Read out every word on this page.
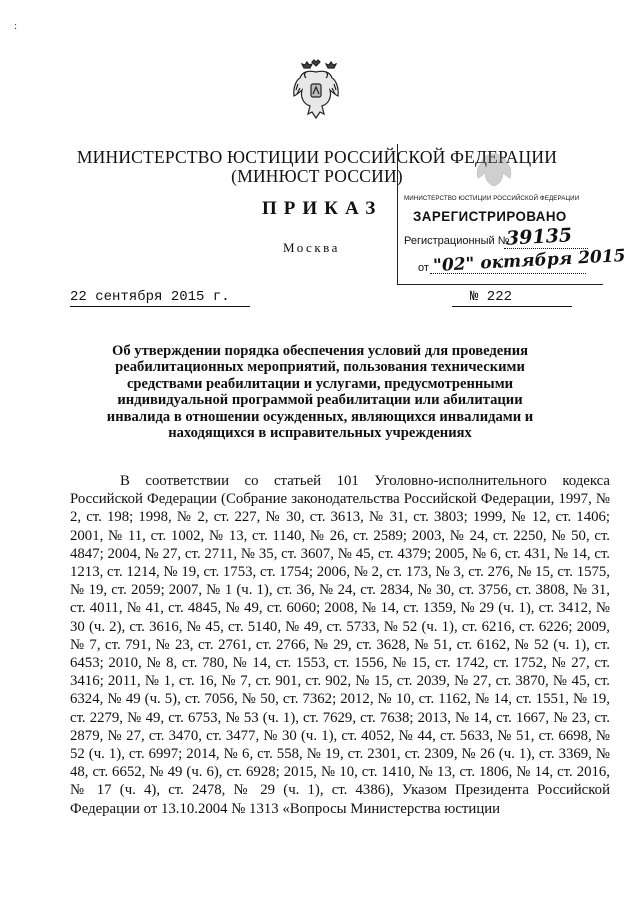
:
МИНИСТЕРСТВО ЮСТИЦИИ РОССИЙСКОЙ ФЕДЕРАЦИИ
(МИНЮСТ РОССИИ)
ПРИКАЗ
Москва
22 сентября 2015 г.	№ 222
МИНИСТЕРСТВО ЮСТИЦИИ РОССИЙСКОЙ ФЕДЕРАЦИИ
ЗАРЕГИСТРИРОВАНО
Регистрационный №
39135
от "02" октября 2015
Об утверждении порядка обеспечения условий для проведения реабилитационных мероприятий, пользования техническими средствами реабилитации и услугами, предусмотренными индивидуальной программой реабилитации или абилитации инвалида в отношении осужденных, являющихся инвалидами и находящихся в исправительных учреждениях

В соответствии со статьей 101 Уголовно-исполнительного кодекса Российской Федерации (Собрание законодательства Российской Федерации, 1997, № 2, ст. 198; 1998, № 2, ст. 227, № 30, ст. 3613, № 31, ст. 3803; 1999, № 12, ст. 1406; 2001, № 11, ст. 1002, № 13, ст. 1140, № 26, ст. 2589; 2003, № 24, ст. 2250, № 50, ст. 4847; 2004, № 27, ст. 2711, № 35, ст. 3607, № 45, ст. 4379; 2005, № 6, ст. 431, № 14, ст. 1213, ст. 1214, № 19, ст. 1753, ст. 1754; 2006, № 2, ст. 173, № 3, ст. 276, № 15, ст. 1575, № 19, ст. 2059; 2007, № 1 (ч. 1), ст. 36, № 24, ст. 2834, № 30, ст. 3756, ст. 3808, № 31, ст. 4011, № 41, ст. 4845, № 49, ст. 6060; 2008, № 14, ст. 1359, № 29 (ч. 1), ст. 3412, № 30 (ч. 2), ст. 3616, № 45, ст. 5140, № 49, ст. 5733, № 52 (ч. 1), ст. 6216, ст. 6226; 2009, № 7, ст. 791, № 23, ст. 2761, ст. 2766, № 29, ст. 3628, № 51, ст. 6162, № 52 (ч. 1), ст. 6453; 2010, № 8, ст. 780, № 14, ст. 1553, ст. 1556, № 15, ст. 1742, ст. 1752, № 27, ст. 3416; 2011, № 1, ст. 16, № 7, ст. 901, ст. 902, № 15, ст. 2039, № 27, ст. 3870, № 45, ст. 6324, № 49 (ч. 5), ст. 7056, № 50, ст. 7362; 2012, № 10, ст. 1162, № 14, ст. 1551, № 19, ст. 2279, № 49, ст. 6753, № 53 (ч. 1), ст. 7629, ст. 7638; 2013, № 14, ст. 1667, № 23, ст. 2879, № 27, ст. 3470, ст. 3477, № 30 (ч. 1), ст. 4052, № 44, ст. 5633, № 51, ст. 6698, № 52 (ч. 1), ст. 6997; 2014, № 6, ст. 558, № 19, ст. 2301, ст. 2309, № 26 (ч. 1), ст. 3369, № 48, ст. 6652, № 49 (ч. 6), ст. 6928; 2015, № 10, ст. 1410, № 13, ст. 1806, № 14, ст. 2016, № 17 (ч. 4), ст. 2478, № 29 (ч. 1), ст. 4386), Указом Президента Российской Федерации от 13.10.2004 № 1313 «Вопросы Министерства юстиции
